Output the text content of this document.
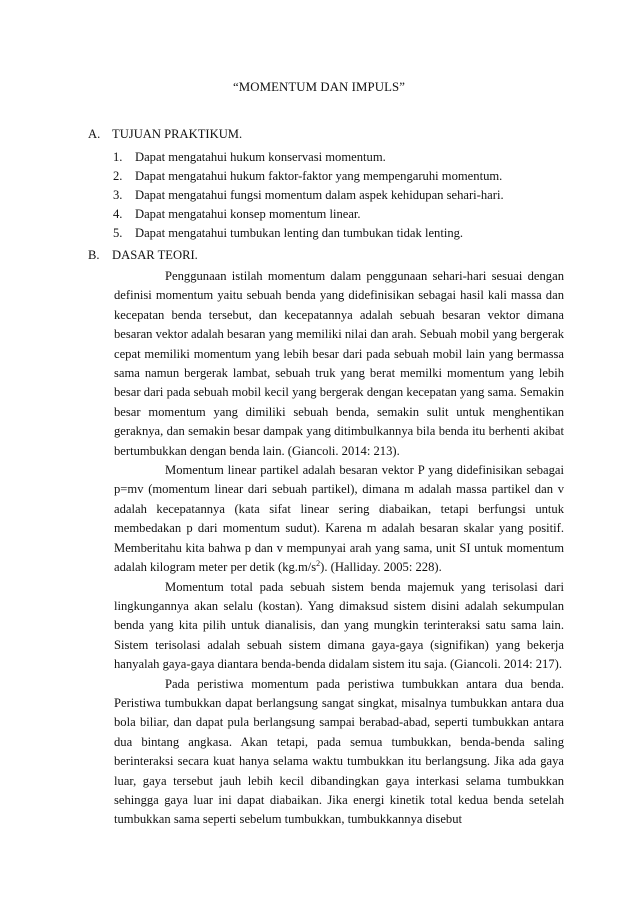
“MOMENTUM DAN IMPULS”
A. TUJUAN PRAKTIKUM.
1. Dapat mengatahui hukum konservasi momentum.
2. Dapat mengatahui hukum faktor-faktor yang mempengaruhi momentum.
3. Dapat mengatahui fungsi momentum dalam aspek kehidupan sehari-hari.
4. Dapat mengatahui konsep momentum linear.
5. Dapat mengatahui tumbukan lenting dan tumbukan tidak lenting.
B. DASAR TEORI.

Penggunaan istilah momentum dalam penggunaan sehari-hari sesuai dengan definisi momentum yaitu sebuah benda yang didefinisikan sebagai hasil kali massa dan kecepatan benda tersebut, dan kecepatannya adalah sebuah besaran vektor dimana besaran vektor adalah besaran yang memiliki nilai dan arah. Sebuah mobil yang bergerak cepat memiliki momentum yang lebih besar dari pada sebuah mobil lain yang bermassa sama namun bergerak lambat, sebuah truk yang berat memilki momentum yang lebih besar dari pada sebuah mobil kecil yang bergerak dengan kecepatan yang sama. Semakin besar momentum yang dimiliki sebuah benda, semakin sulit untuk menghentikan geraknya, dan semakin besar dampak yang ditimbulkannya bila benda itu berhenti akibat bertumbukkan dengan benda lain. (Giancoli. 2014: 213).

Momentum linear partikel adalah besaran vektor P yang didefinisikan sebagai p=mv (momentum linear dari sebuah partikel), dimana m adalah massa partikel dan v adalah kecepatannya (kata sifat linear sering diabaikan, tetapi berfungsi untuk membedakan p dari momentum sudut). Karena m adalah besaran skalar yang positif. Memberitahu kita bahwa p dan v mempunyai arah yang sama, unit SI untuk momentum adalah kilogram meter per detik $(kg.m/s^2)$. (Halliday. 2005: 228).

Momentum total pada sebuah sistem benda majemuk yang terisolasi dari lingkungannya akan selalu (kostan). Yang dimaksud sistem disini adalah sekumpulan benda yang kita pilih untuk dianalisis, dan yang mungkin terinteraksi satu sama lain. Sistem terisolasi adalah sebuah sistem dimana gaya-gaya (signifikan) yang bekerja hanyalah gaya-gaya diantara benda-benda didalam sistem itu saja. (Giancoli. 2014: 217).

Pada peristiwa momentum pada peristiwa tumbukkan antara dua benda. Peristiwa tumbukkan dapat berlangsung sangat singkat, misalnya tumbukkan antara dua bola biliar, dan dapat pula berlangsung sampai berabad-abad, seperti tumbukkan antara dua bintang angkasa. Akan tetapi, pada semua tumbukkan, benda-benda saling berinteraksi secara kuat hanya selama waktu tumbukkan itu berlangsung. Jika ada gaya luar, gaya tersebut jauh lebih kecil dibandingkan gaya interkasi selama tumbukkan sehingga gaya luar ini dapat diabaikan. Jika energi kinetik total kedua benda setelah tumbukkan sama seperti sebelum tumbukkan, tumbukkannya disebut
